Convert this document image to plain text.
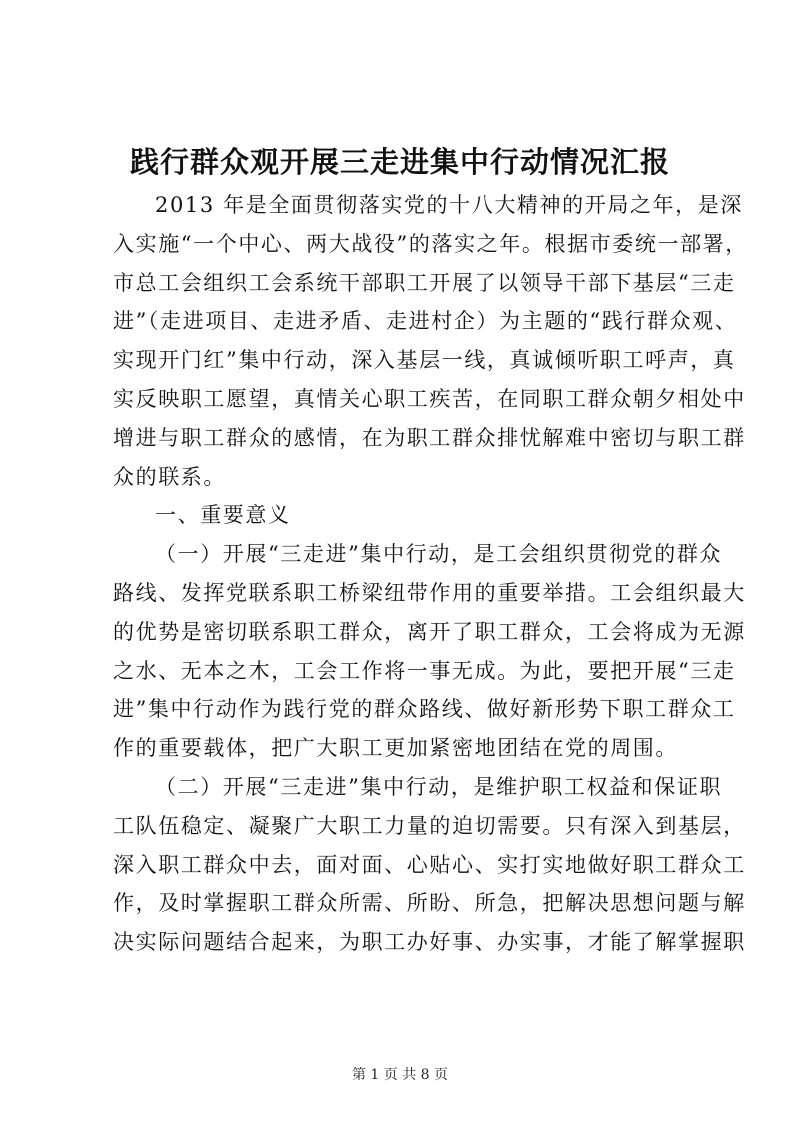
践行群众观开展三走进集中行动情况汇报
2013 年是全面贯彻落实党的十八大精神的开局之年，是深
入实施“一个中心、两大战役”的落实之年。根据市委统一部署，
市总工会组织工会系统干部职工开展了以领导干部下基层“三走
进”（走进项目、走进矛盾、走进村企）为主题的“践行群众观、
实现开门红”集中行动，深入基层一线，真诚倾听职工呼声，真
实反映职工愿望，真情关心职工疾苦，在同职工群众朝夕相处中
增进与职工群众的感情，在为职工群众排忧解难中密切与职工群
众的联系。
一、重要意义
（一）开展“三走进”集中行动，是工会组织贯彻党的群众
路线、发挥党联系职工桥梁纽带作用的重要举措。工会组织最大
的优势是密切联系职工群众，离开了职工群众，工会将成为无源
之水、无本之木，工会工作将一事无成。为此，要把开展“三走
进”集中行动作为践行党的群众路线、做好新形势下职工群众工
作的重要载体，把广大职工更加紧密地团结在党的周围。
（二）开展“三走进”集中行动，是维护职工权益和保证职
工队伍稳定、凝聚广大职工力量的迫切需要。只有深入到基层，
深入职工群众中去，面对面、心贴心、实打实地做好职工群众工
作，及时掌握职工群众所需、所盼、所急，把解决思想问题与解
决实际问题结合起来，为职工办好事、办实事，才能了解掌握职
第 1 页 共 8 页
